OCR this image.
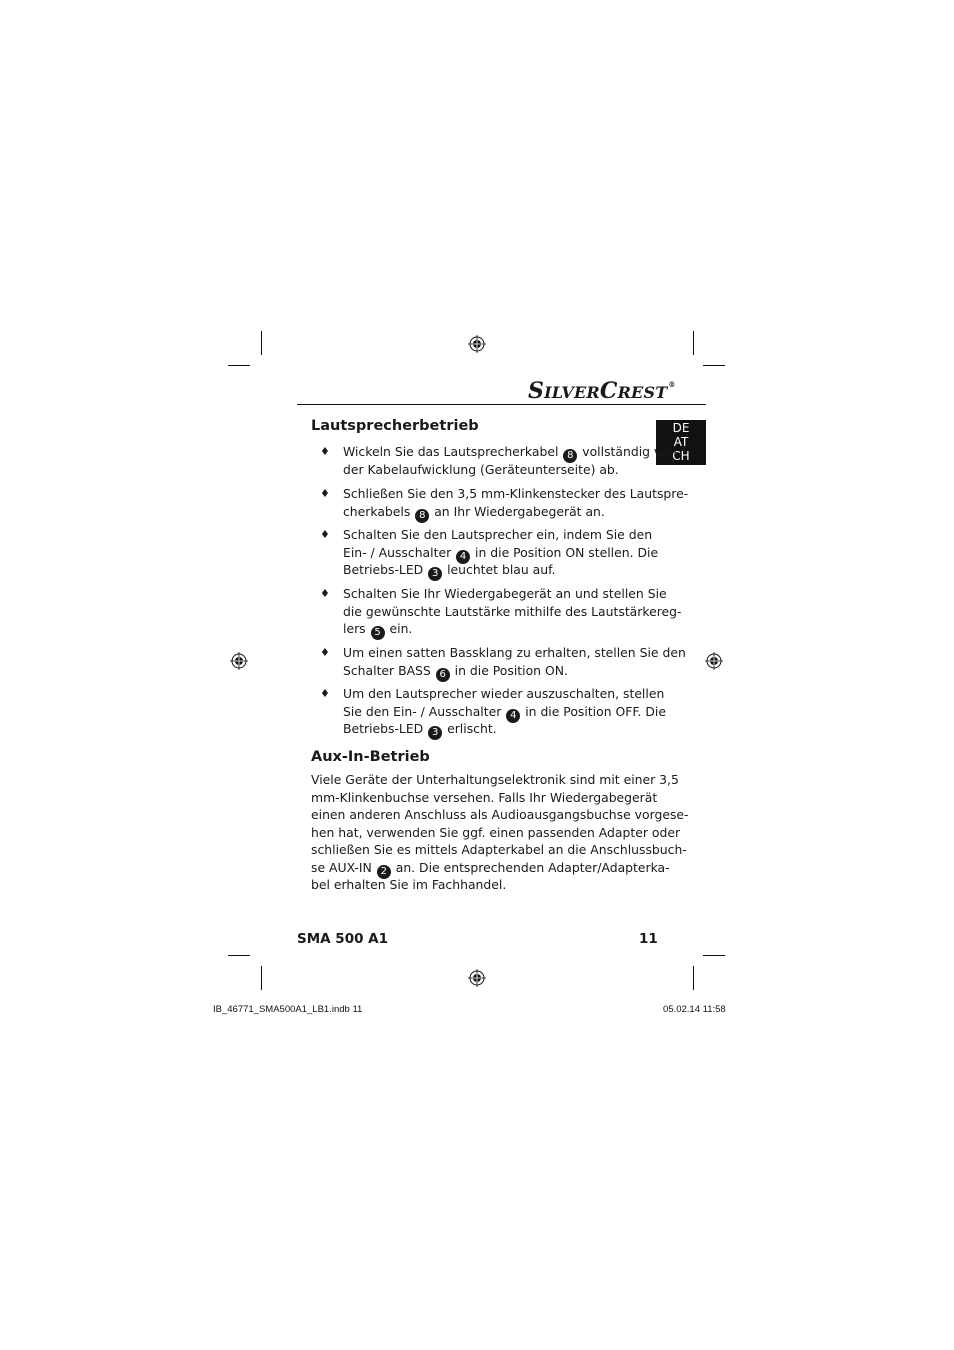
SILVERCREST®
DE
AT
CH
Lautsprecherbetrieb
♦ Wickeln Sie das Lautsprecherkabel 8 vollständig von
der Kabelaufwicklung (Geräteunterseite) ab.
♦ Schließen Sie den 3,5 mm-Klinkenstecker des Lautspre-
cherkabels 8 an Ihr Wiedergabegerät an.
♦ Schalten Sie den Lautsprecher ein, indem Sie den
Ein- / Ausschalter 4 in die Position ON stellen. Die
Betriebs-LED 3 leuchtet blau auf.
♦ Schalten Sie Ihr Wiedergabegerät an und stellen Sie
die gewünschte Lautstärke mithilfe des Lautstärkereg-
lers 5 ein.
♦ Um einen satten Bassklang zu erhalten, stellen Sie den
Schalter BASS 6 in die Position ON.
♦ Um den Lautsprecher wieder auszuschalten, stellen
Sie den Ein- / Ausschalter 4 in die Position OFF. Die
Betriebs-LED 3 erlischt.
Aux-In-Betrieb
Viele Geräte der Unterhaltungselektronik sind mit einer 3,5
mm-Klinkenbuchse versehen. Falls Ihr Wiedergabegerät
einen anderen Anschluss als Audioausgangsbuchse vorgese-
hen hat, verwenden Sie ggf. einen passenden Adapter oder
schließen Sie es mittels Adapterkabel an die Anschlussbuch-
se AUX-IN 2 an. Die entsprechenden Adapter/Adapterka-
bel erhalten Sie im Fachhandel.
SMA 500 A1	11
IB_46771_SMA500A1_LB1.indb 11	05.02.14 11:58
